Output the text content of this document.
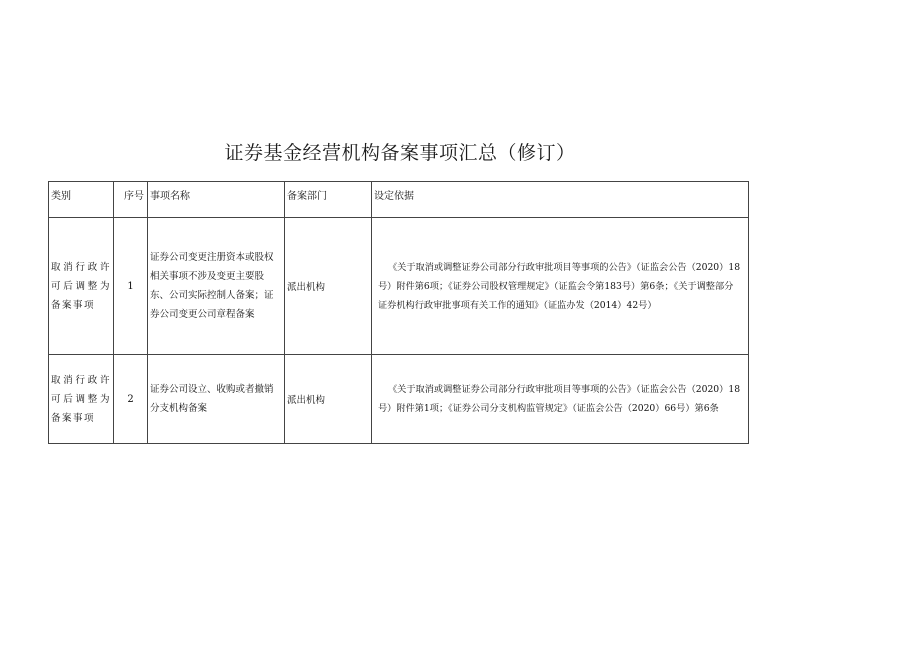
证券基金经营机构备案事项汇总（修订）
类别	序号	事项名称	备案部门	设定依据
取消行政许可后调整为备案事项	1	证券公司变更注册资本或股权相关事项不涉及变更主要股东、公司实际控制人备案；证券公司变更公司章程备案	派出机构	《关于取消或调整证券公司部分行政审批项目等事项的公告》（证监会公告（2020）18号）附件第6项；《证券公司股权管理规定》（证监会令第183号）第6条；《关于调整部分证券机构行政审批事项有关工作的通知》（证监办发（2014）42号）
取消行政许可后调整为备案事项	2	证券公司设立、收购或者撤销分支机构备案	派出机构	《关于取消或调整证券公司部分行政审批项目等事项的公告》（证监会公告（2020）18号）附件第1项；《证券公司分支机构监管规定》（证监会公告（2020）66号）第6条
